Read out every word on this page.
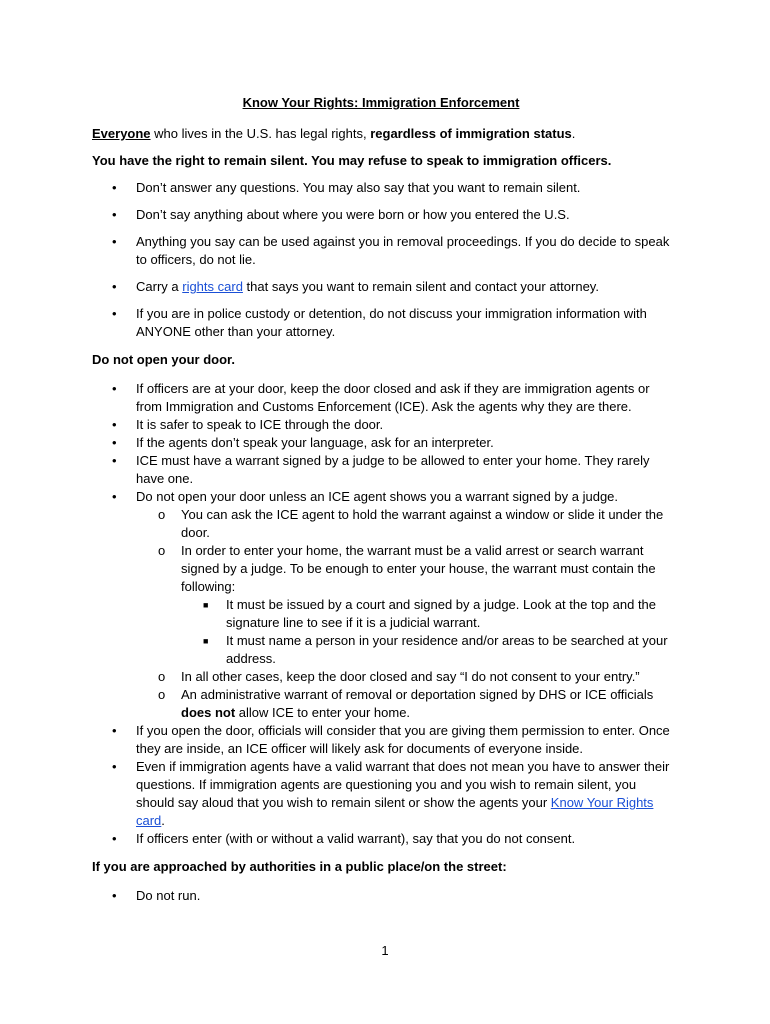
Know Your Rights: Immigration Enforcement

Everyone who lives in the U.S. has legal rights, regardless of immigration status.

You have the right to remain silent. You may refuse to speak to immigration officers.

• Don’t answer any questions. You may also say that you want to remain silent.
• Don’t say anything about where you were born or how you entered the U.S.
• Anything you say can be used against you in removal proceedings. If you do decide to speak to officers, do not lie.
• Carry a rights card that says you want to remain silent and contact your attorney.
• If you are in police custody or detention, do not discuss your immigration information with ANYONE other than your attorney.

Do not open your door.

• If officers are at your door, keep the door closed and ask if they are immigration agents or from Immigration and Customs Enforcement (ICE). Ask the agents why they are there.
• It is safer to speak to ICE through the door.
• If the agents don’t speak your language, ask for an interpreter.
• ICE must have a warrant signed by a judge to be allowed to enter your home. They rarely have one.
• Do not open your door unless an ICE agent shows you a warrant signed by a judge.
o You can ask the ICE agent to hold the warrant against a window or slide it under the door.
o In order to enter your home, the warrant must be a valid arrest or search warrant signed by a judge. To be enough to enter your house, the warrant must contain the following:
■ It must be issued by a court and signed by a judge. Look at the top and the signature line to see if it is a judicial warrant.
■ It must name a person in your residence and/or areas to be searched at your address.
o In all other cases, keep the door closed and say “I do not consent to your entry.”
o An administrative warrant of removal or deportation signed by DHS or ICE officials does not allow ICE to enter your home.
• If you open the door, officials will consider that you are giving them permission to enter. Once they are inside, an ICE officer will likely ask for documents of everyone inside.
• Even if immigration agents have a valid warrant that does not mean you have to answer their questions. If immigration agents are questioning you and you wish to remain silent, you should say aloud that you wish to remain silent or show the agents your Know Your Rights card.
• If officers enter (with or without a valid warrant), say that you do not consent.

If you are approached by authorities in a public place/on the street:

• Do not run.
1
